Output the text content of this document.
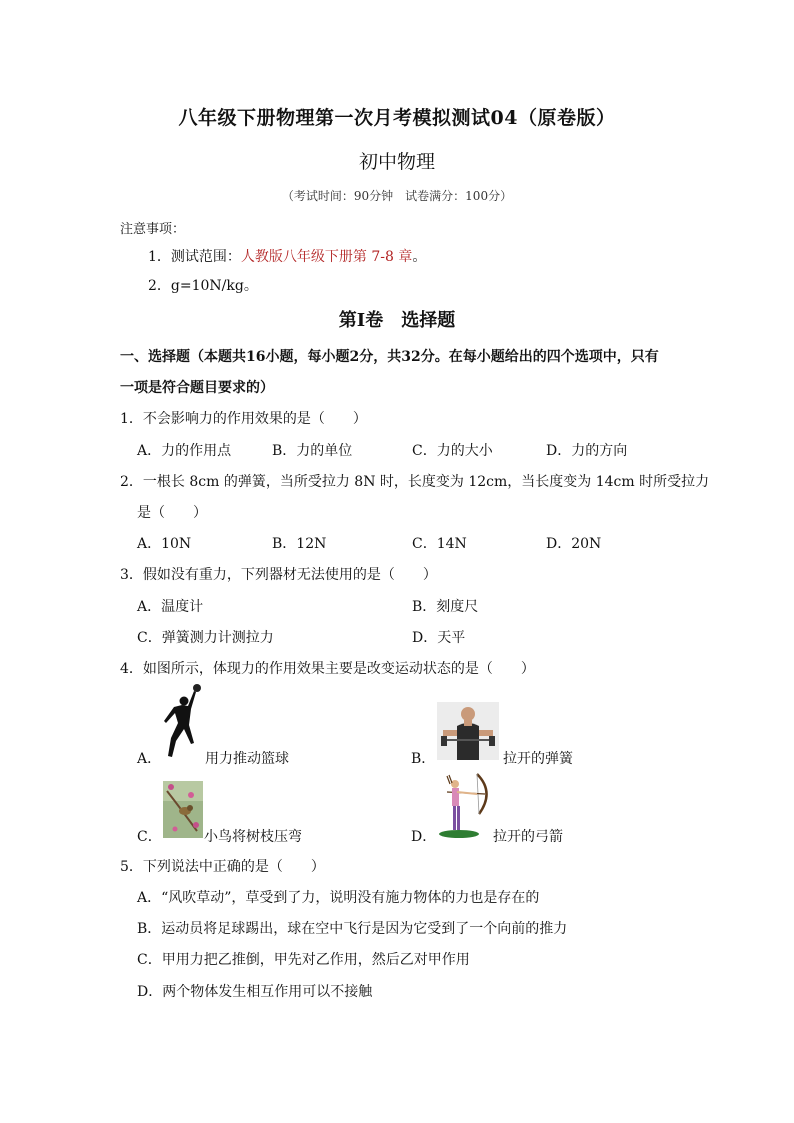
八年级下册物理第一次月考模拟测试04（原卷版）
初中物理
（考试时间：90分钟　试卷满分：100分）
注意事项：
1．测试范围：人教版八年级下册第 7-8 章。
2．g=10N/kg。
第Ⅰ卷　选择题
一、选择题（本题共16小题，每小题2分，共32分。在每小题给出的四个选项中，只有
一项是符合题目要求的）
1．不会影响力的作用效果的是（　　）
A．力的作用点	B．力的单位	C．力的大小	D．力的方向
2．一根长 8cm 的弹簧，当所受拉力 8N 时，长度变为 12cm，当长度变为 14cm 时所受拉力
是（　　）
A．10N	B．12N	C．14N	D．20N
3．假如没有重力，下列器材无法使用的是（　　）
A．温度计	B．刻度尺
C．弹簧测力计测拉力	D．天平
4．如图所示，体现力的作用效果主要是改变运动状态的是（　　）
A．	用力推动篮球	B．	拉开的弹簧
C．	小鸟将树枝压弯	D．	拉开的弓箭
5．下列说法中正确的是（　　）
A．“风吹草动”，草受到了力，说明没有施力物体的力也是存在的
B．运动员将足球踢出，球在空中飞行是因为它受到了一个向前的推力
C．甲用力把乙推倒，甲先对乙作用，然后乙对甲作用
D．两个物体发生相互作用可以不接触
